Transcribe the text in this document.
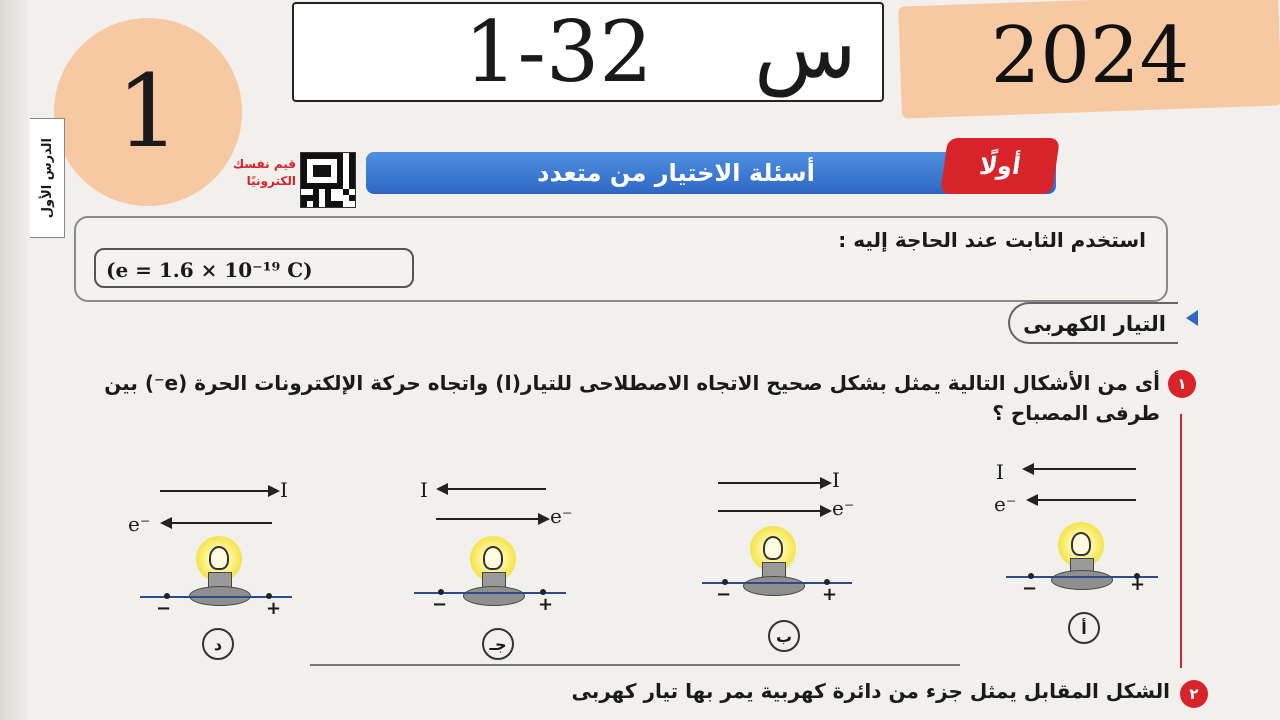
2024
1-32 س
1
الدرس الأول	قيم نفسك
الكترونيًا	أسئلة الاختيار من متعدد	أولًا
استخدم الثابت عند الحاجة إليه :
(e = 1.6 × 10⁻¹⁹ C)
التيار الكهربى
١
أى من الأشكال التالية يمثل بشكل صحيح الاتجاه الاصطلاحى للتيار(I) واتجاه حركة الإلكترونات الحرة (e⁻) بين طرفى المصباح ؟
I
e⁻
−	+
د
I
e⁻
−	+
جـ
I
e⁻
−	+
ب
I
e⁻
−	+
أ
٢
الشكل المقابل يمثل جزء من دائرة كهربية يمر بها تيار كهربى
